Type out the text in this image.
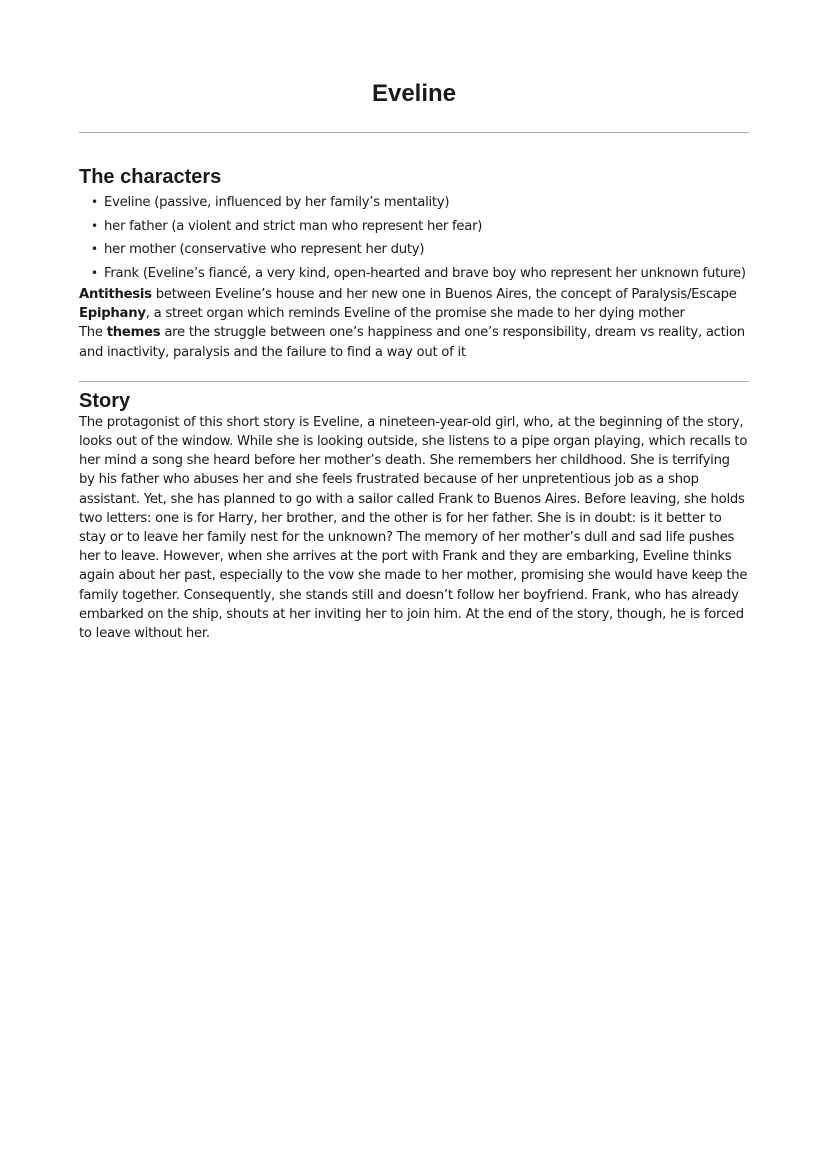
Eveline
The characters
• Eveline (passive, influenced by her family’s mentality)
• her father (a violent and strict man who represent her fear)
• her mother (conservative who represent her duty)
• Frank (Eveline’s fiancé, a very kind, open-hearted and brave boy who represent her unknown future)

Antithesis between Eveline’s house and her new one in Buenos Aires, the concept of Paralysis/Escape

Epiphany, a street organ which reminds Eveline of the promise she made to her dying mother

The themes are the struggle between one’s happiness and one’s responsibility, dream vs reality, action and inactivity, paralysis and the failure to find a way out of it

Story

The protagonist of this short story is Eveline, a nineteen-year-old girl, who, at the beginning of the story, looks out of the window. While she is looking outside, she listens to a pipe organ playing, which recalls to her mind a song she heard before her mother’s death. She remembers her childhood. She is terrifying by his father who abuses her and she feels frustrated because of her unpretentious job as a shop assistant. Yet, she has planned to go with a sailor called Frank to Buenos Aires. Before leaving, she holds two letters: one is for Harry, her brother, and the other is for her father. She is in doubt: is it better to stay or to leave her family nest for the unknown? The memory of her mother’s dull and sad life pushes her to leave. However, when she arrives at the port with Frank and they are embarking, Eveline thinks again about her past, especially to the vow she made to her mother, promising she would have keep the family together. Consequently, she stands still and doesn’t follow her boyfriend. Frank, who has already embarked on the ship, shouts at her inviting her to join him. At the end of the story, though, he is forced to leave without her.
